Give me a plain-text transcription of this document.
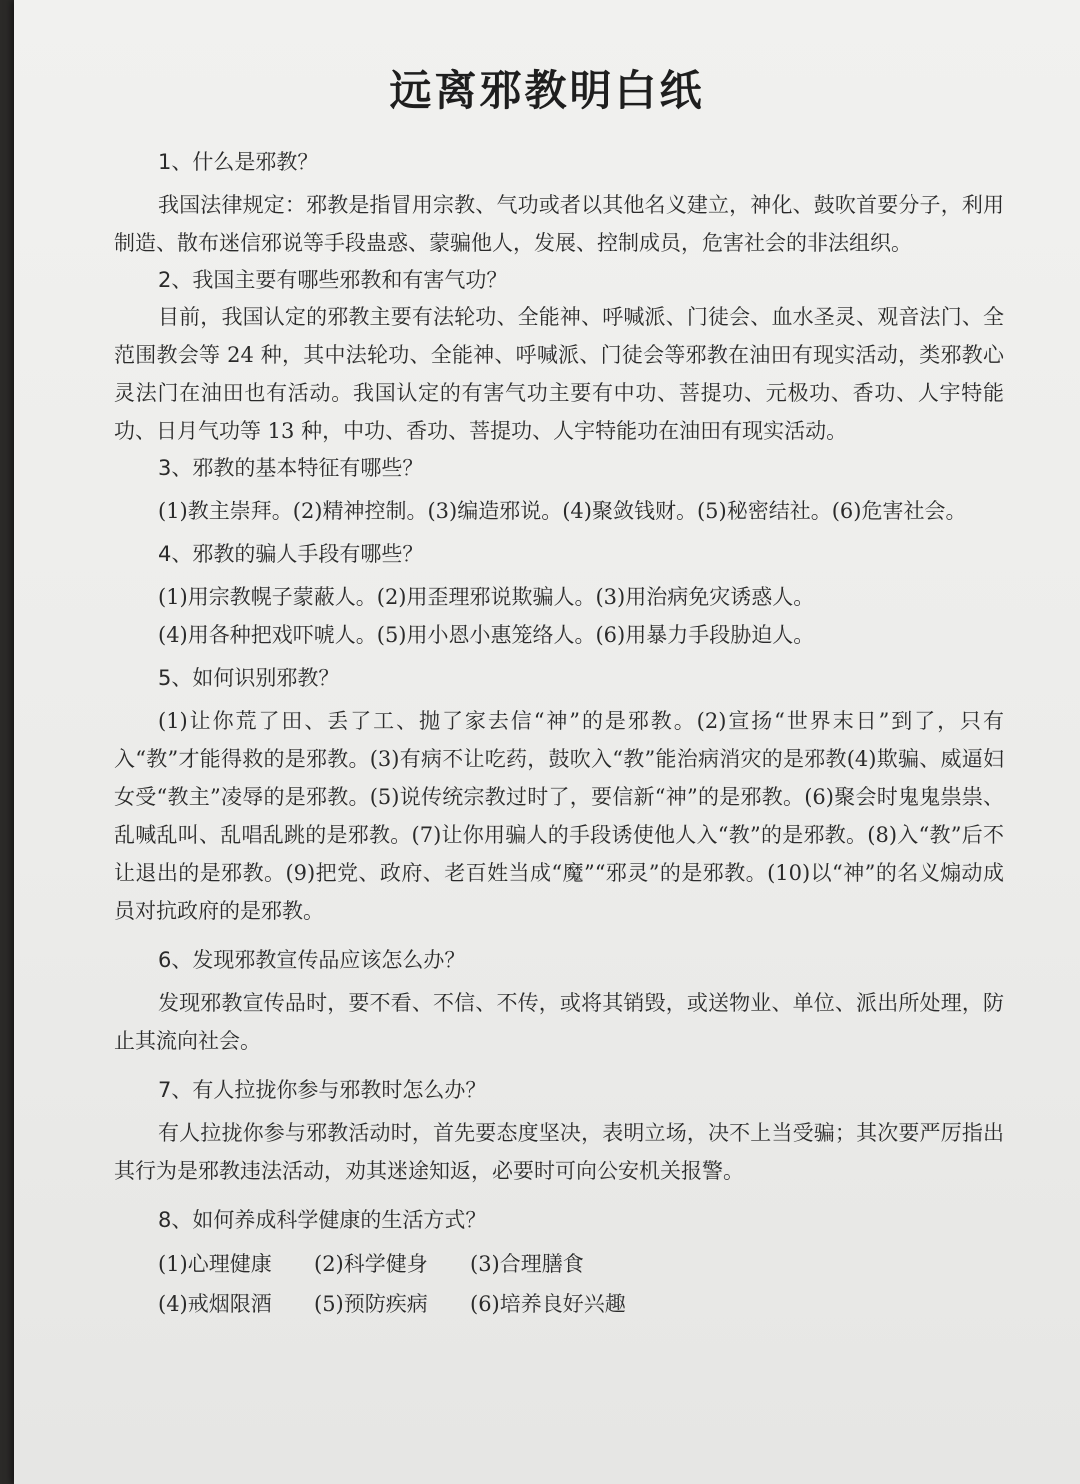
远离邪教明白纸

1、什么是邪教？

我国法律规定：邪教是指冒用宗教、气功或者以其他名义建立，神化、鼓吹首要分子，利用制造、散布迷信邪说等手段蛊惑、蒙骗他人，发展、控制成员，危害社会的非法组织。

2、我国主要有哪些邪教和有害气功？

目前，我国认定的邪教主要有法轮功、全能神、呼喊派、门徒会、血水圣灵、观音法门、全范围教会等 24 种，其中法轮功、全能神、呼喊派、门徒会等邪教在油田有现实活动，类邪教心灵法门在油田也有活动。我国认定的有害气功主要有中功、菩提功、元极功、香功、人宇特能功、日月气功等 13 种，中功、香功、菩提功、人宇特能功在油田有现实活动。

3、邪教的基本特征有哪些？

(1)教主崇拜。(2)精神控制。(3)编造邪说。(4)聚敛钱财。(5)秘密结社。(6)危害社会。

4、邪教的骗人手段有哪些？

(1)用宗教幌子蒙蔽人。(2)用歪理邪说欺骗人。(3)用治病免灾诱惑人。

(4)用各种把戏吓唬人。(5)用小恩小惠笼络人。(6)用暴力手段胁迫人。

5、如何识别邪教？

(1)让你荒了田、丢了工、抛了家去信“神”的是邪教。(2)宣扬“世界末日”到了，只有入“教”才能得救的是邪教。(3)有病不让吃药，鼓吹入“教”能治病消灾的是邪教(4)欺骗、威逼妇女受“教主”凌辱的是邪教。(5)说传统宗教过时了，要信新“神”的是邪教。(6)聚会时鬼鬼祟祟、乱喊乱叫、乱唱乱跳的是邪教。(7)让你用骗人的手段诱使他人入“教”的是邪教。(8)入“教”后不让退出的是邪教。(9)把党、政府、老百姓当成“魔”“邪灵”的是邪教。(10)以“神”的名义煽动成员对抗政府的是邪教。

6、发现邪教宣传品应该怎么办？

发现邪教宣传品时，要不看、不信、不传，或将其销毁，或送物业、单位、派出所处理，防止其流向社会。

7、有人拉拢你参与邪教时怎么办？

有人拉拢你参与邪教活动时，首先要态度坚决，表明立场，决不上当受骗；其次要严厉指出其行为是邪教违法活动，劝其迷途知返，必要时可向公安机关报警。

8、如何养成科学健康的生活方式？

(1)心理健康	(2)科学健身	(3)合理膳食
(4)戒烟限酒	(5)预防疾病	(6)培养良好兴趣
